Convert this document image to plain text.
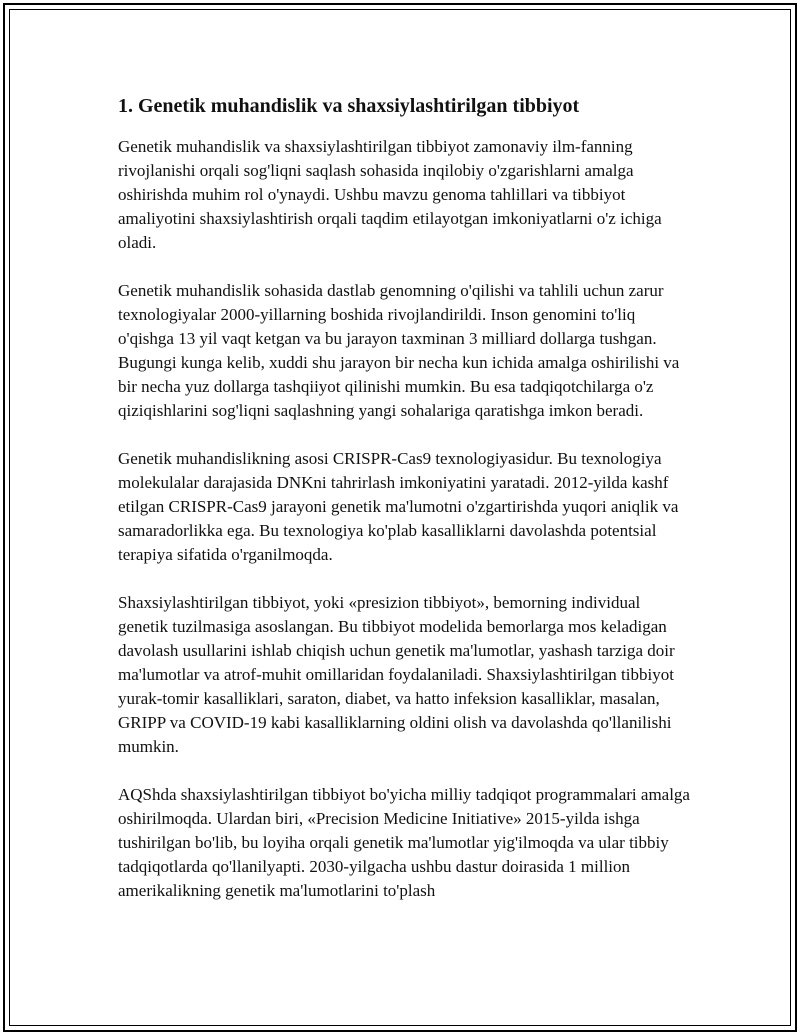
1. Genetik muhandislik va shaxsiylashtirilgan tibbiyot

Genetik muhandislik va shaxsiylashtirilgan tibbiyot zamonaviy ilm-fanning rivojlanishi orqali sog'liqni saqlash sohasida inqilobiy o'zgarishlarni amalga oshirishda muhim rol o'ynaydi. Ushbu mavzu genoma tahlillari va tibbiyot amaliyotini shaxsiylashtirish orqali taqdim etilayotgan imkoniyatlarni o'z ichiga oladi.

Genetik muhandislik sohasida dastlab genomning o'qilishi va tahlili uchun zarur texnologiyalar 2000-yillarning boshida rivojlandirildi. Inson genomini to'liq o'qishga 13 yil vaqt ketgan va bu jarayon taxminan 3 milliard dollarga tushgan. Bugungi kunga kelib, xuddi shu jarayon bir necha kun ichida amalga oshirilishi va bir necha yuz dollarga tashqiiyot qilinishi mumkin. Bu esa tadqiqotchilarga o'z qiziqishlarini sog'liqni saqlashning yangi sohalariga qaratishga imkon beradi.

Genetik muhandislikning asosi CRISPR-Cas9 texnologiyasidur. Bu texnologiya molekulalar darajasida DNKni tahrirlash imkoniyatini yaratadi. 2012-yilda kashf etilgan CRISPR-Cas9 jarayoni genetik ma'lumotni o'zgartirishda yuqori aniqlik va samaradorlikka ega. Bu texnologiya ko'plab kasalliklarni davolashda potentsial terapiya sifatida o'rganilmoqda.

Shaxsiylashtirilgan tibbiyot, yoki «presizion tibbiyot», bemorning individual genetik tuzilmasiga asoslangan. Bu tibbiyot modelida bemorlarga mos keladigan davolash usullarini ishlab chiqish uchun genetik ma'lumotlar, yashash tarziga doir ma'lumotlar va atrof-muhit omillaridan foydalaniladi. Shaxsiylashtirilgan tibbiyot yurak-tomir kasalliklari, saraton, diabet, va hatto infeksion kasalliklar, masalan, GRIPP va COVID-19 kabi kasalliklarning oldini olish va davolashda qo'llanilishi mumkin.

AQShda shaxsiylashtirilgan tibbiyot bo'yicha milliy tadqiqot programmalari amalga oshirilmoqda. Ulardan biri, «Precision Medicine Initiative» 2015-yilda ishga tushirilgan bo'lib, bu loyiha orqali genetik ma'lumotlar yig'ilmoqda va ular tibbiy tadqiqotlarda qo'llanilyapti. 2030-yilgacha ushbu dastur doirasida 1 million amerikalikning genetik ma'lumotlarini to'plash
